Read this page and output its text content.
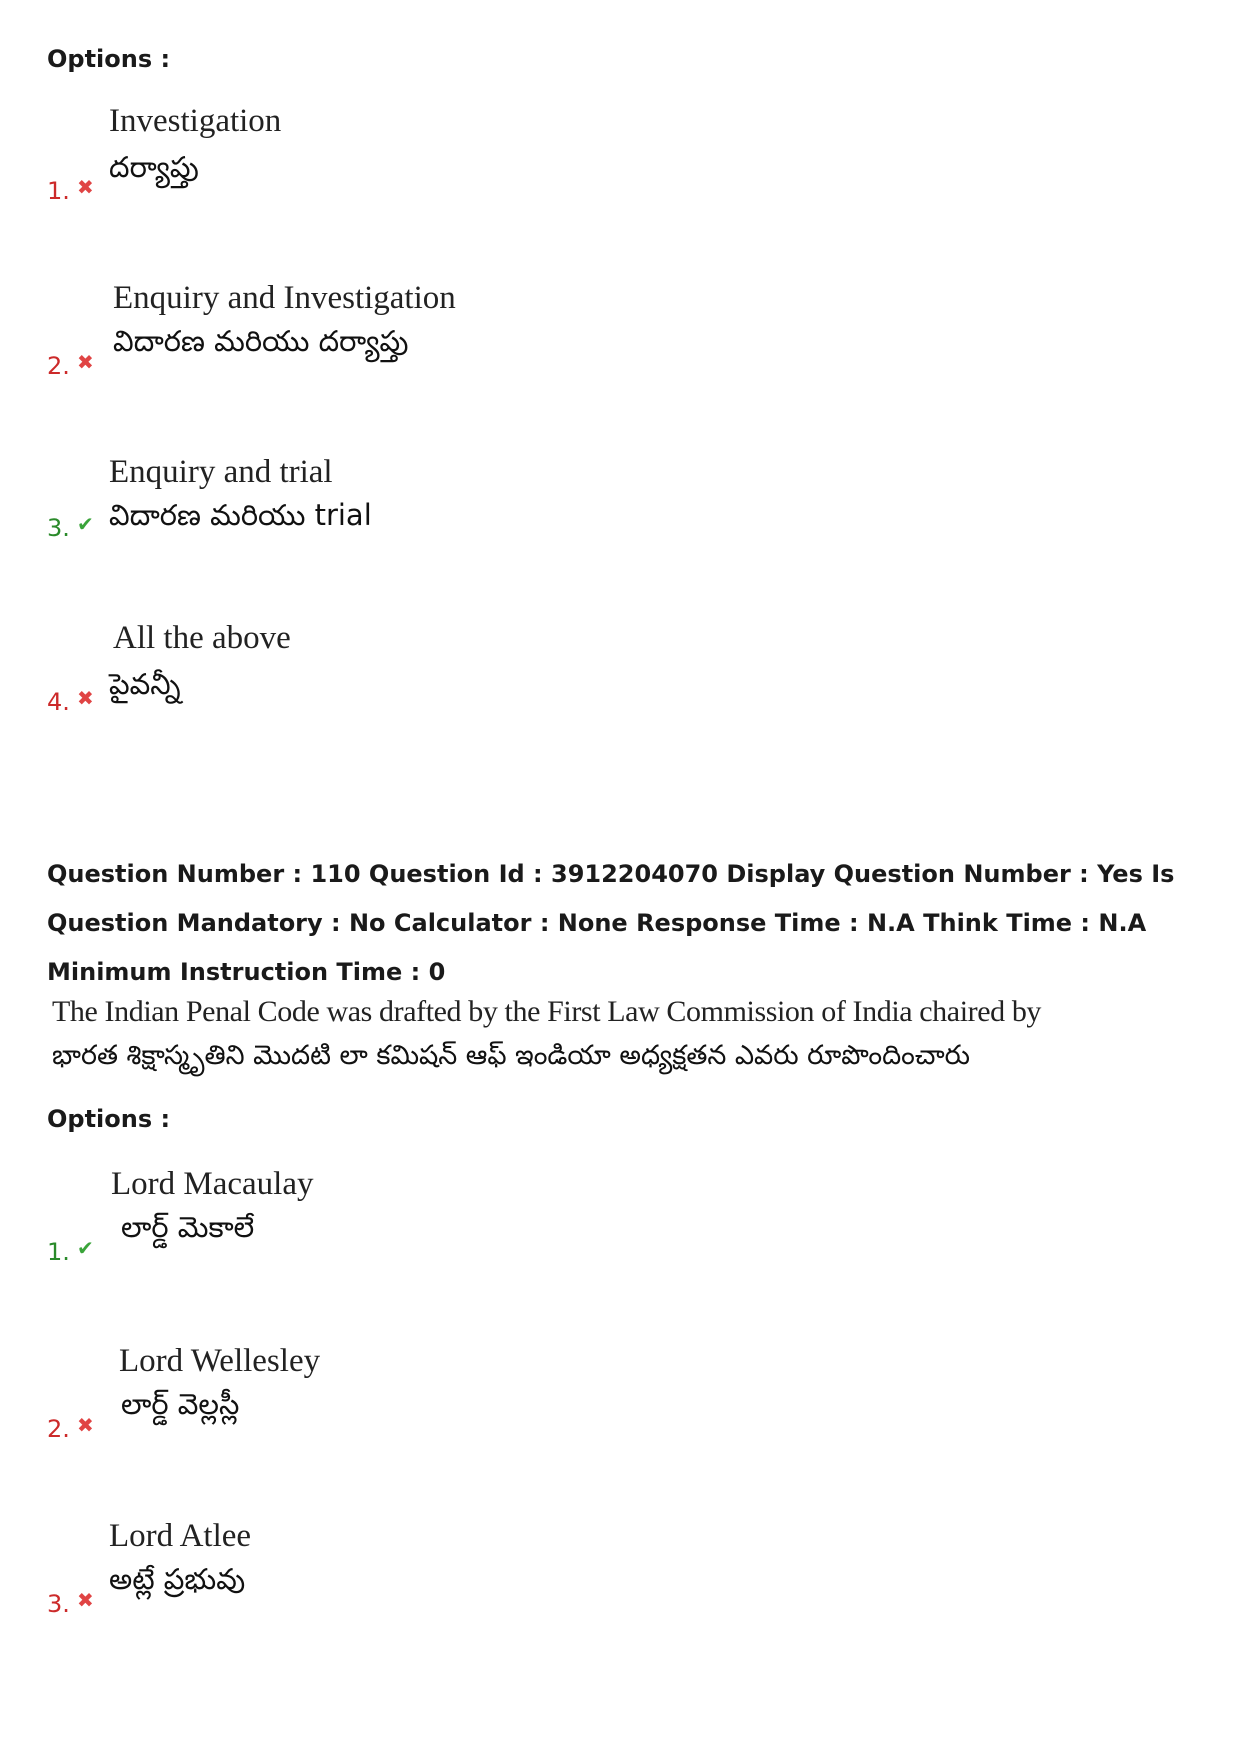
Options :
1. ✖
Investigation
దర్యాప్తు
2. ✖
Enquiry and Investigation
విదారణ మరియు దర్యాప్తు
3. ✔
Enquiry and trial
విదారణ మరియు trial
4. ✖
All the above
పైవన్నీ
Question Number : 110 Question Id : 3912204070 Display Question Number : Yes Is Question Mandatory : No Calculator : None Response Time : N.A Think Time : N.A Minimum Instruction Time : 0
The Indian Penal Code was drafted by the First Law Commission of India chaired by
భారత శిక్షాస్మృతిని మొదటి లా కమిషన్ ఆఫ్ ఇండియా అధ్యక్షతన ఎవరు రూపొందించారు
Options :
1. ✔
Lord Macaulay
లార్డ్ మెకాలే
2. ✖
Lord Wellesley
లార్డ్ వెల్లస్లీ
3. ✖
Lord Atlee
అట్లే ప్రభువు
